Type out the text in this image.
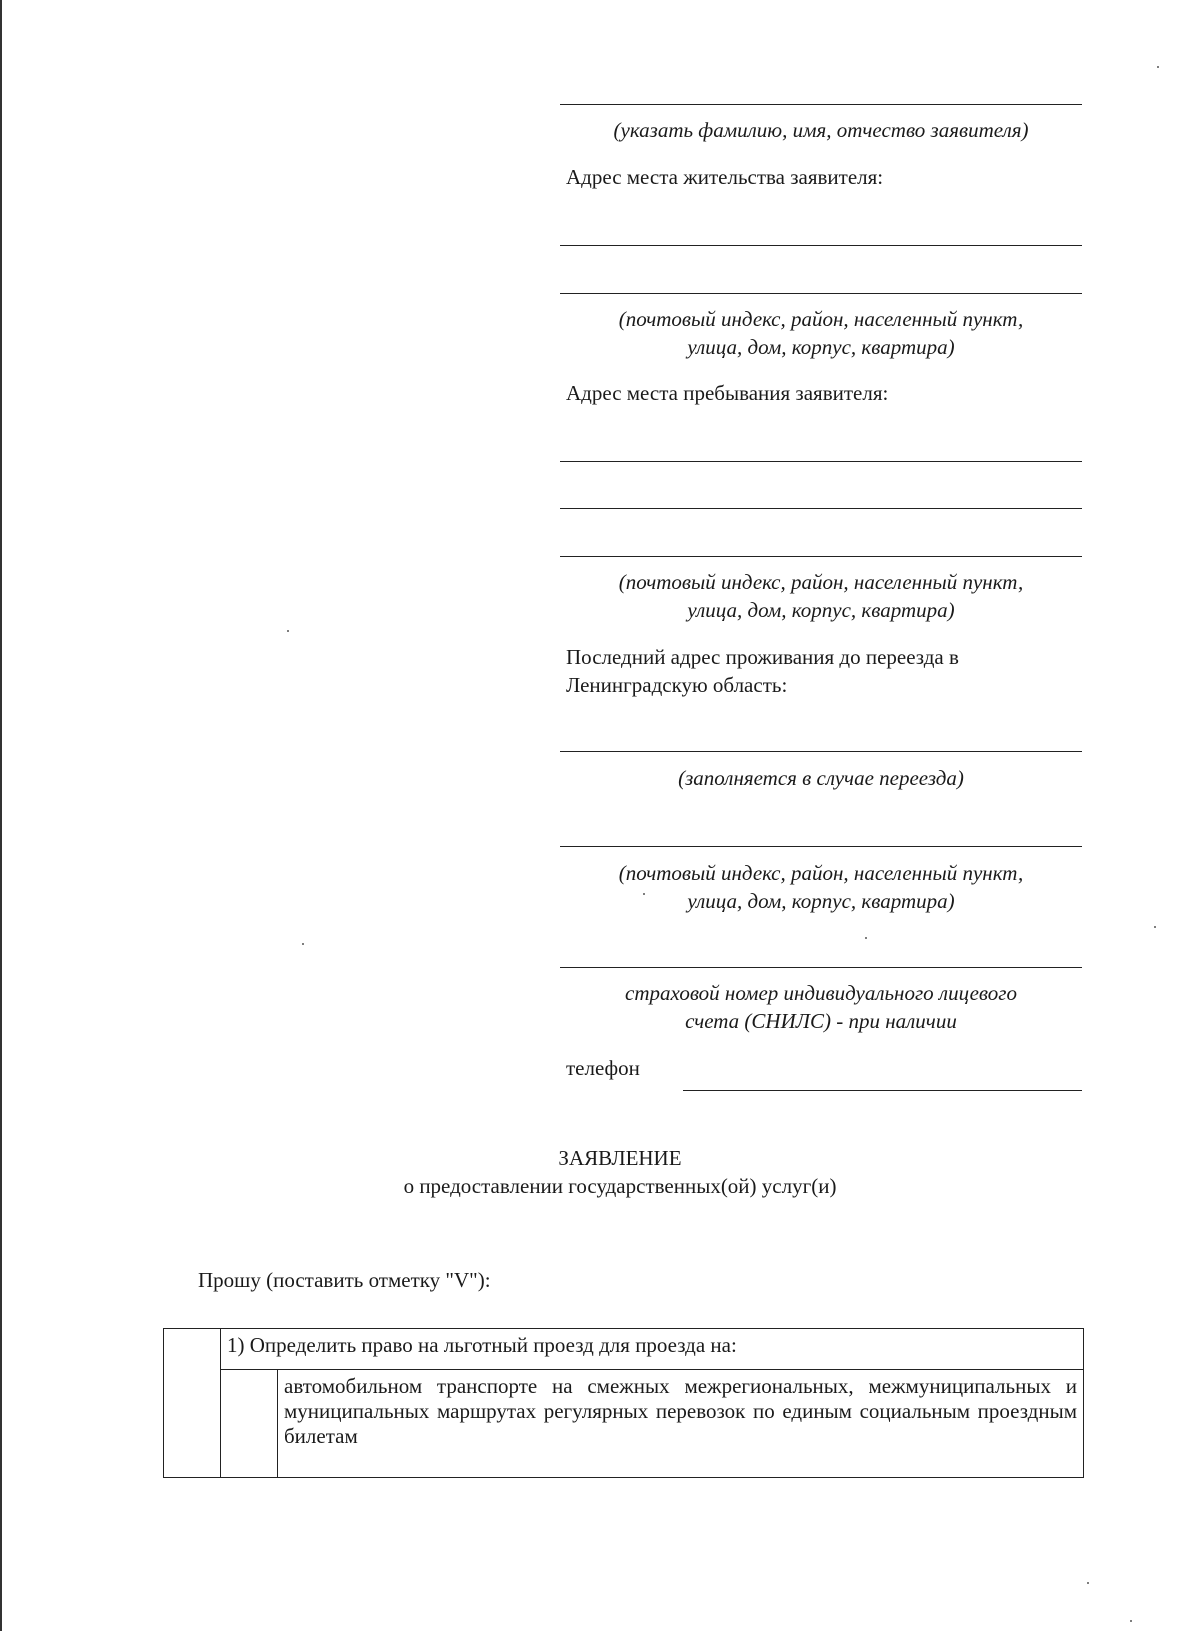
(указать фамилию, имя, отчество заявителя)
Адрес места жительства заявителя:
(почтовый индекс, район, населенный пункт,
улица, дом, корпус, квартира)
Адрес места пребывания заявителя:
(почтовый индекс, район, населенный пункт,
улица, дом, корпус, квартира)
Последний адрес проживания до переезда в
Ленинградскую область:
(заполняется в случае переезда)
(почтовый индекс, район, населенный пункт,
улица, дом, корпус, квартира)
страховой номер индивидуального лицевого
счета (СНИЛС) - при наличии
телефон
ЗАЯВЛЕНИЕ
о предоставлении государственных(ой) услуг(и)
Прошу (поставить отметку "V"):
	1) Определить право на льготный проезд для проезда на:	
		автомобильном транспорте на смежных межрегиональных, межмуниципальных и муниципальных маршрутах регулярных перевозок по единым социальным проездным билетам
